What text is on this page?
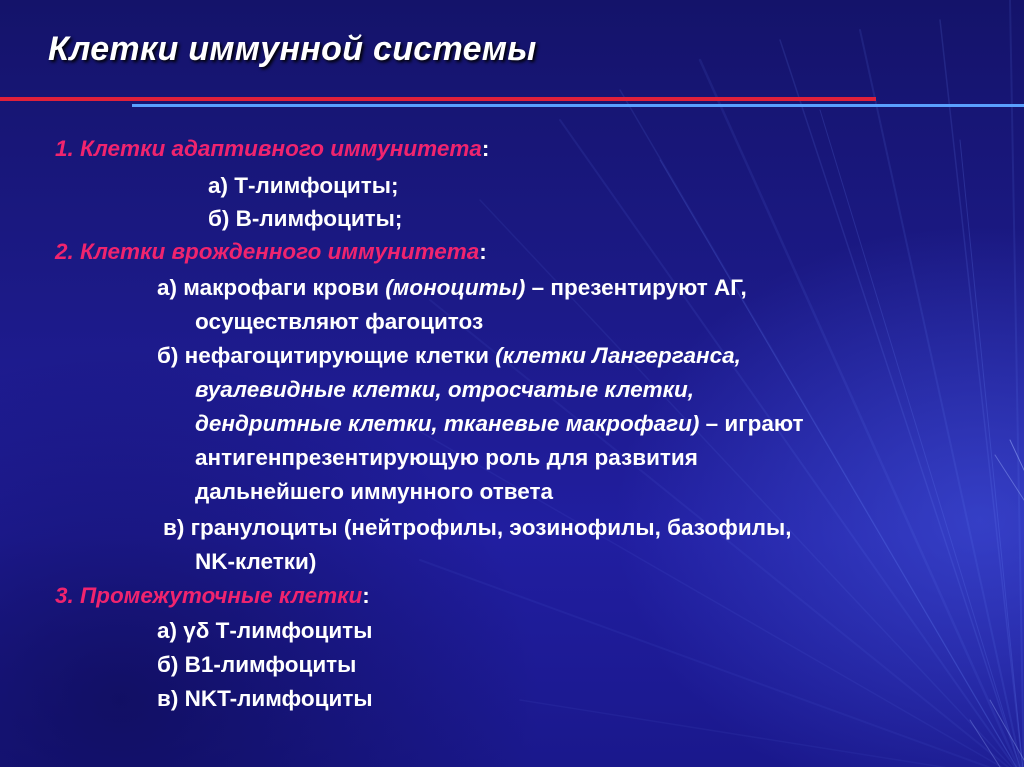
Клетки иммунной системы
1. Клетки адаптивного иммунитета:
а) Т-лимфоциты;
б) В-лимфоциты;
2. Клетки врожденного иммунитета:
а) макрофаги крови (моноциты) – презентируют АГ,
осуществляют фагоцитоз
б) нефагоцитирующие клетки (клетки Лангерганса,
вуалевидные клетки, отросчатые клетки,
дендритные клетки, тканевые макрофаги) – играют
антигенпрезентирующую роль для развития
дальнейшего иммунного ответа
в) гранулоциты (нейтрофилы, эозинофилы, базофилы,
NK-клетки)
3. Промежуточные клетки:
а) γδ Т-лимфоциты
б) В1-лимфоциты
в) NKT-лимфоциты
